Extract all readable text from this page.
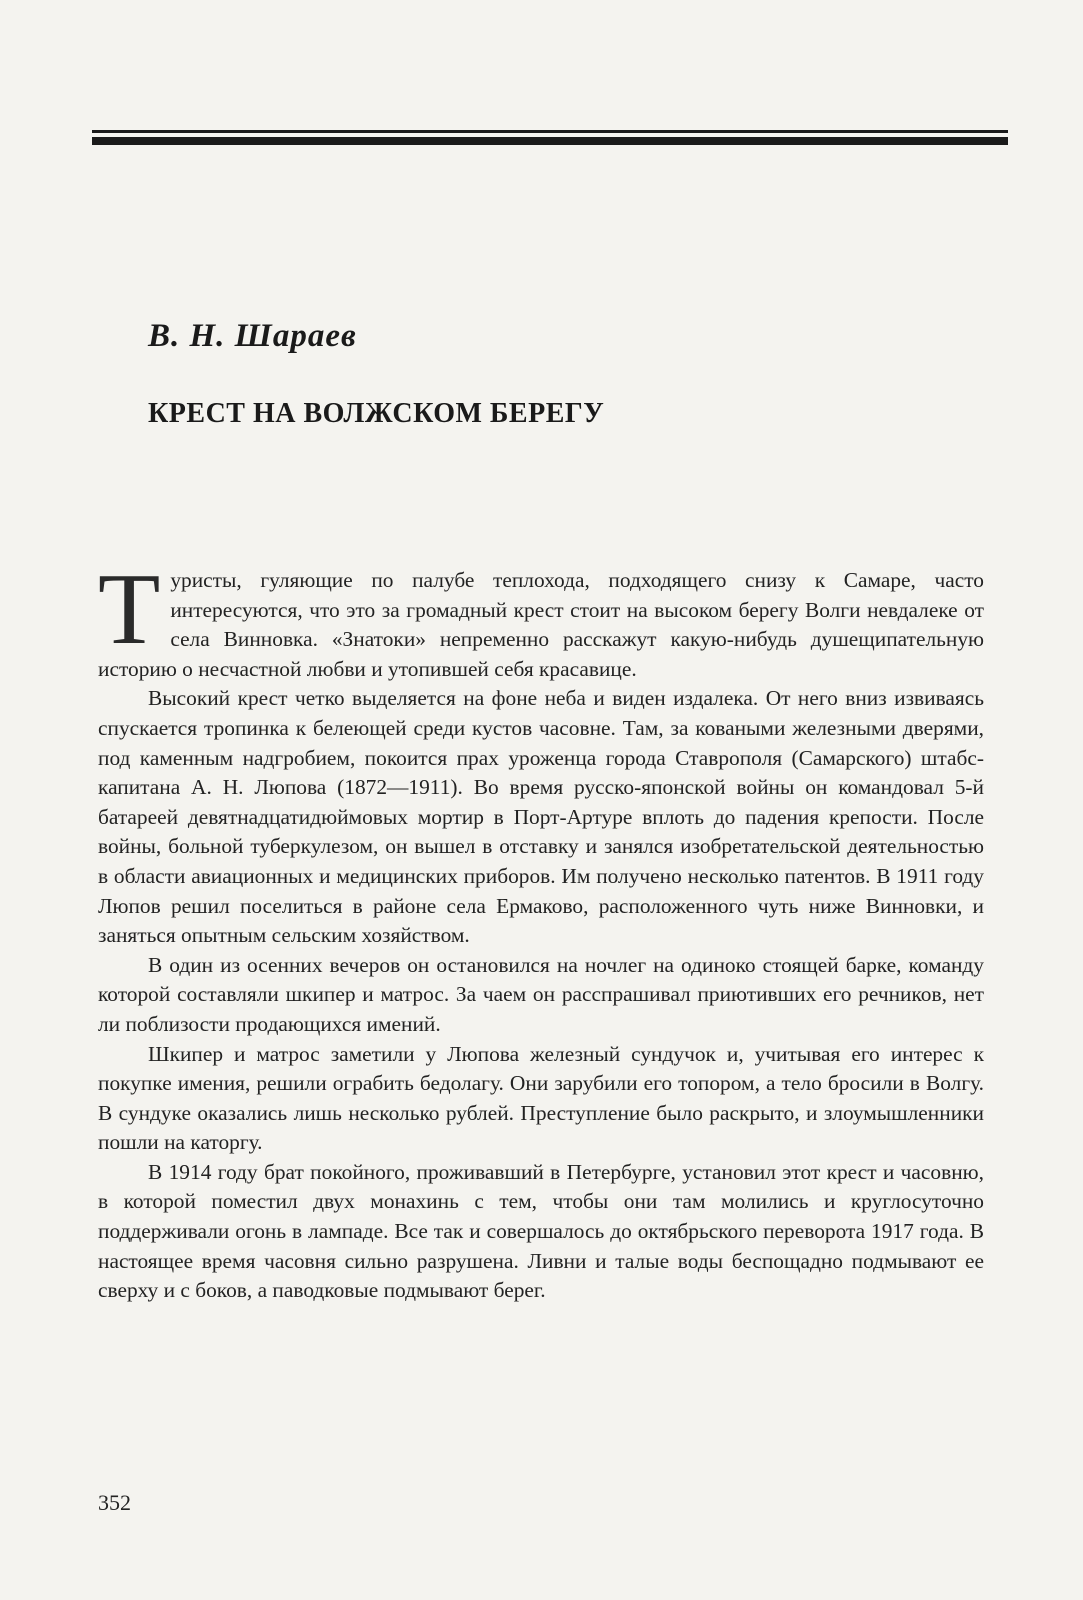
В. Н. Шараев
КРЕСТ НА ВОЛЖСКОМ БЕРЕГУ

Туристы, гуляющие по палубе теплохода, подходящего снизу к Самаре, часто интересуются, что это за громадный крест стоит на высоком берегу Волги невдалеке от села Винновка. «Знатоки» непременно расскажут какую-нибудь душещипательную историю о несчастной любви и утопившей себя красавице.

Высокий крест четко выделяется на фоне неба и виден издалека. От него вниз извиваясь спускается тропинка к белеющей среди кустов часовне. Там, за коваными железными дверями, под каменным надгробием, покоится прах уроженца города Ставрополя (Самарского) штабс-капитана А. Н. Люпова (1872—1911). Во время русско-японской войны он командовал 5-й батареей девятнадцатидюймовых мортир в Порт-Артуре вплоть до падения крепости. После войны, больной туберкулезом, он вышел в отставку и занялся изобретательской деятельностью в области авиационных и медицинских приборов. Им получено несколько патентов. В 1911 году Люпов решил поселиться в районе села Ермаково, расположенного чуть ниже Винновки, и заняться опытным сельским хозяйством.

В один из осенних вечеров он остановился на ночлег на одиноко стоящей барке, команду которой составляли шкипер и матрос. За чаем он расспрашивал приютивших его речников, нет ли поблизости продающихся имений.

Шкипер и матрос заметили у Люпова железный сундучок и, учитывая его интерес к покупке имения, решили ограбить бедолагу. Они зарубили его топором, а тело бросили в Волгу. В сундуке оказались лишь несколько рублей. Преступление было раскрыто, и злоумышленники пошли на каторгу.

В 1914 году брат покойного, проживавший в Петербурге, установил этот крест и часовню, в которой поместил двух монахинь с тем, чтобы они там молились и круглосуточно поддерживали огонь в лампаде. Все так и совершалось до октябрьского переворота 1917 года. В настоящее время часовня сильно разрушена. Ливни и талые воды беспощадно подмывают ее сверху и с боков, а паводковые подмывают берег.

352
